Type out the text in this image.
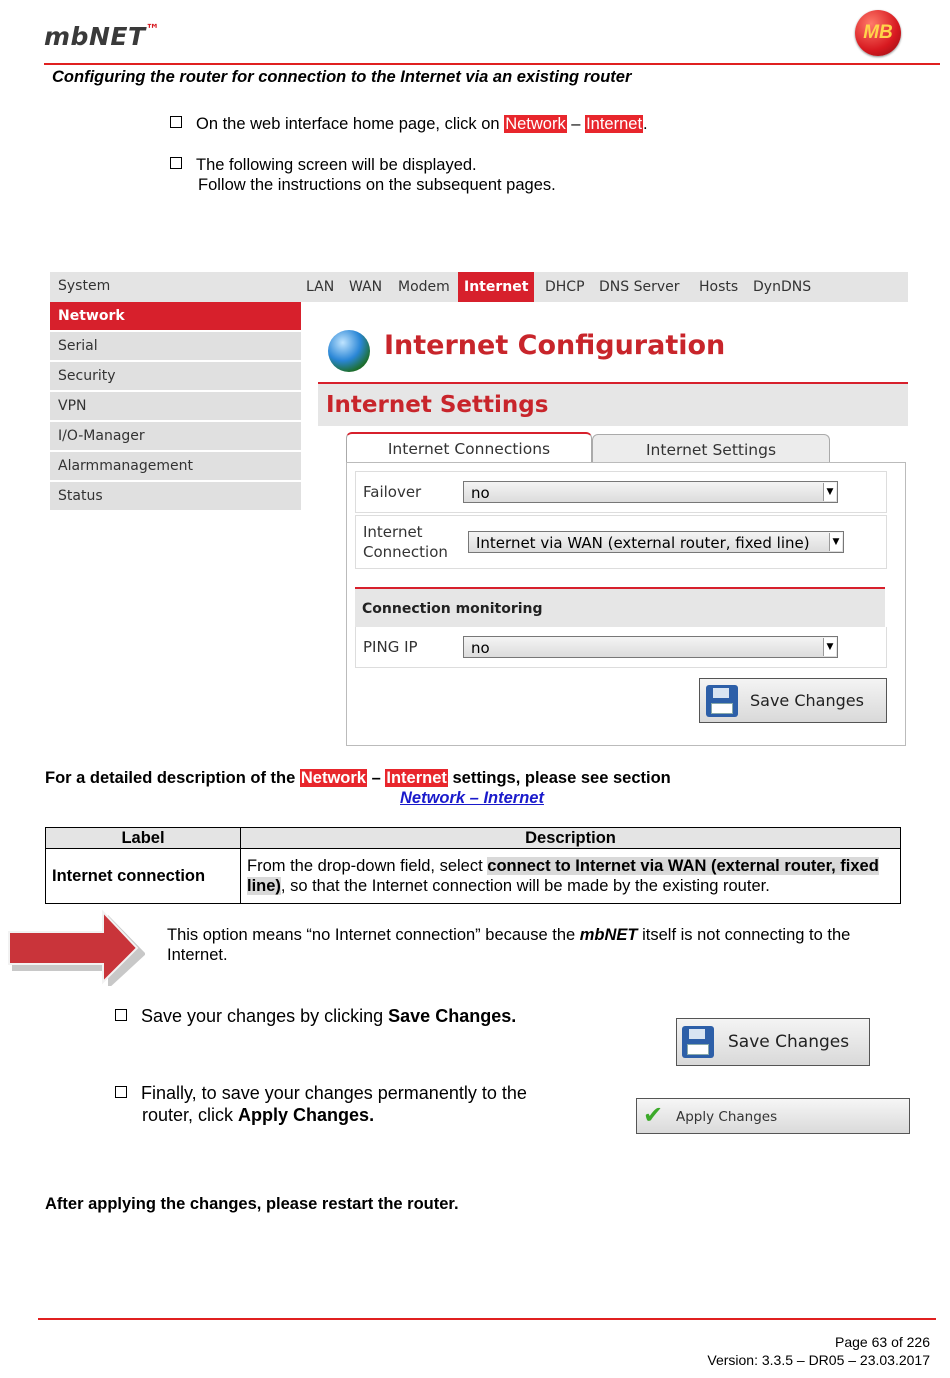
mbNET™	MB
Configuring the router for connection to the Internet via an existing router
On the web interface home page, click on Network – Internet.
The following screen will be displayed.
Follow the instructions on the subsequent pages.
System	LAN WAN Modem	Internet	DHCP DNS Server Hosts DynDNS
Network
Serial
Security
VPN
I/O-Manager
Alarmmanagement
Status
Internet Configuration
Internet Settings
Internet Connections	Internet Settings
Failover	no	▼
Internet
Connection	Internet via WAN (external router, fixed line)	▼
Connection monitoring
PING IP	no	▼
Save Changes
For a detailed description of the Network – Internet settings, please see section
Network – Internet
Label	Description
Internet connection	From the drop-down field, select connect to Internet via WAN (external router, fixed line), so that the Internet connection will be made by the existing router.
This option means “no Internet connection” because the mbNET itself is not connecting to the Internet.
Save your changes by clicking Save Changes.
Save Changes
Finally, to save your changes permanently to the
router, click Apply Changes.	✔ Apply Changes
After applying the changes, please restart the router.
Page 63 of 226
Version: 3.3.5 – DR05 – 23.03.2017
